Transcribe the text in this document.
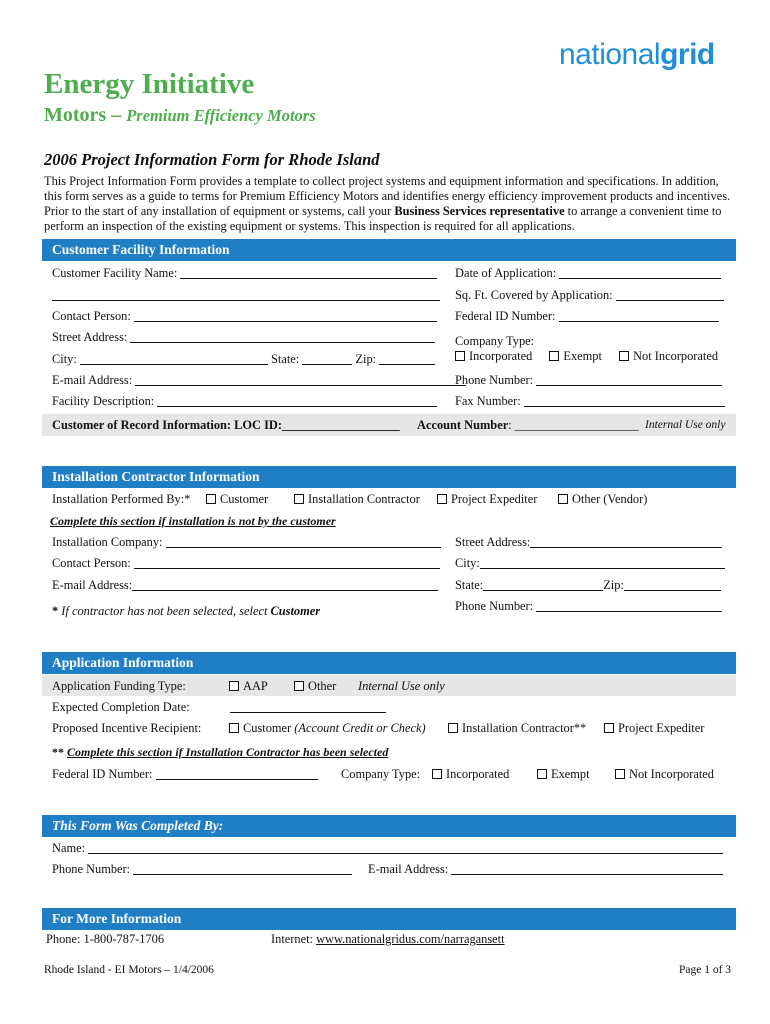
nationalgrid
Energy Initiative
Motors – Premium Efficiency Motors
2006 Project Information Form for Rhode Island

This Project Information Form provides a template to collect project systems and equipment information and specifications. In addition,

this form serves as a guide to terms for Premium Efficiency Motors and identifies energy efficiency improvement products and incentives.

Prior to the start of any installation of equipment or systems, call your Business Services representative to arrange a convenient time to

perform an inspection of the existing equipment or systems. This inspection is required for all applications.

Customer Facility Information
Customer Facility Name:	Date of Application:
Sq. Ft. Covered by Application:
Contact Person:	Federal ID Number:
Street Address:	Company Type:
City:	State:	Zip:	Incorporated	Exempt	Not Incorporated
E-mail Address:	Phone Number:
Facility Description:	Fax Number:
Customer of Record Information: LOC ID:___________________ Account Number: ____________________ Internal Use only
Installation Contractor Information
Installation Performed By:*	Customer	Installation Contractor	Project Expediter	Other (Vendor)
Complete this section if installation is not by the customer
Installation Company:	Street Address:
Contact Person:	City:
E-mail Address:	State:	Zip:
* If contractor has not been selected, select Customer	Phone Number:
Application Information
Application Funding Type:	AAP	Other Internal Use only
Expected Completion Date:
Proposed Incentive Recipient:	Customer (Account Credit or Check)	Installation Contractor**	Project Expediter
** Complete this section if Installation Contractor has been selected
Federal ID Number:	Company Type:	Incorporated	Exempt	Not Incorporated
This Form Was Completed By:
Name:
Phone Number:	E-mail Address:
For More Information
Phone: 1-800-787-1706	Internet: www.nationalgridus.com/narragansett
Rhode Island - EI Motors – 1/4/2006	Page 1 of 3
